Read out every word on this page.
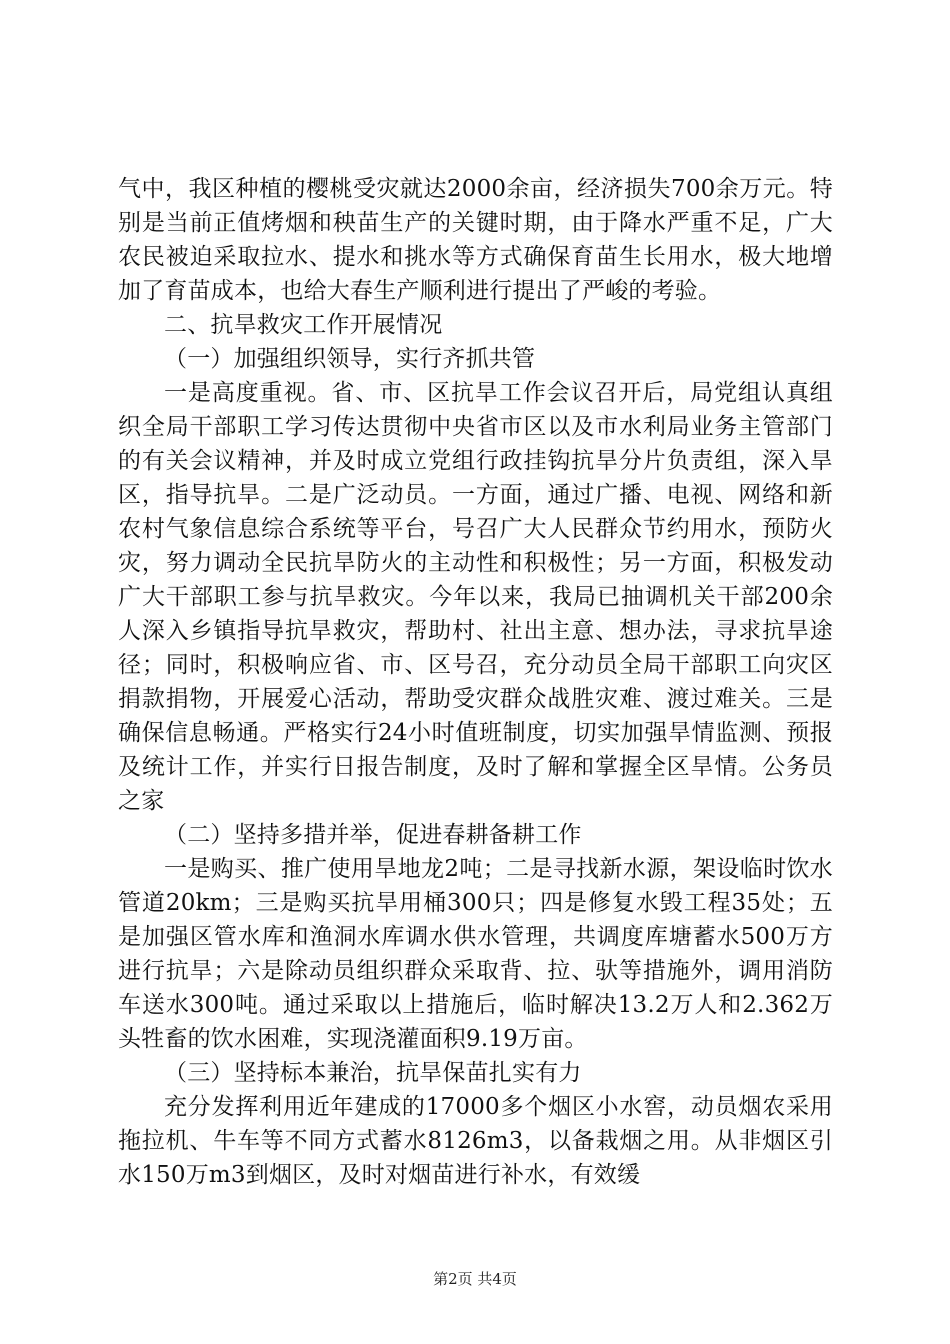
气中，我区种植的樱桃受灾就达2000余亩，经济损失700余万元。特别是当前正值烤烟和秧苗生产的关键时期，由于降水严重不足，广大农民被迫采取拉水、提水和挑水等方式确保育苗生长用水，极大地增加了育苗成本，也给大春生产顺利进行提出了严峻的考验。

二、抗旱救灾工作开展情况

（一）加强组织领导，实行齐抓共管

一是高度重视。省、市、区抗旱工作会议召开后，局党组认真组织全局干部职工学习传达贯彻中央省市区以及市水利局业务主管部门的有关会议精神，并及时成立党组行政挂钩抗旱分片负责组，深入旱区，指导抗旱。二是广泛动员。一方面，通过广播、电视、网络和新农村气象信息综合系统等平台，号召广大人民群众节约用水，预防火灾，努力调动全民抗旱防火的主动性和积极性；另一方面，积极发动广大干部职工参与抗旱救灾。今年以来，我局已抽调机关干部200余人深入乡镇指导抗旱救灾，帮助村、社出主意、想办法，寻求抗旱途径；同时，积极响应省、市、区号召，充分动员全局干部职工向灾区捐款捐物，开展爱心活动，帮助受灾群众战胜灾难、渡过难关。三是确保信息畅通。严格实行24小时值班制度，切实加强旱情监测、预报及统计工作，并实行日报告制度，及时了解和掌握全区旱情。公务员之家

（二）坚持多措并举，促进春耕备耕工作

一是购买、推广使用旱地龙2吨；二是寻找新水源，架设临时饮水管道20km；三是购买抗旱用桶300只；四是修复水毁工程35处；五是加强区管水库和渔洞水库调水供水管理，共调度库塘蓄水500万方进行抗旱；六是除动员组织群众采取背、拉、驮等措施外，调用消防车送水300吨。通过采取以上措施后，临时解决13.2万人和2.362万头牲畜的饮水困难，实现浇灌面积9.19万亩。

（三）坚持标本兼治，抗旱保苗扎实有力

充分发挥利用近年建成的17000多个烟区小水窖，动员烟农采用拖拉机、牛车等不同方式蓄水8126m3，以备栽烟之用。从非烟区引水150万m3到烟区，及时对烟苗进行补水，有效缓

第2页 共4页
